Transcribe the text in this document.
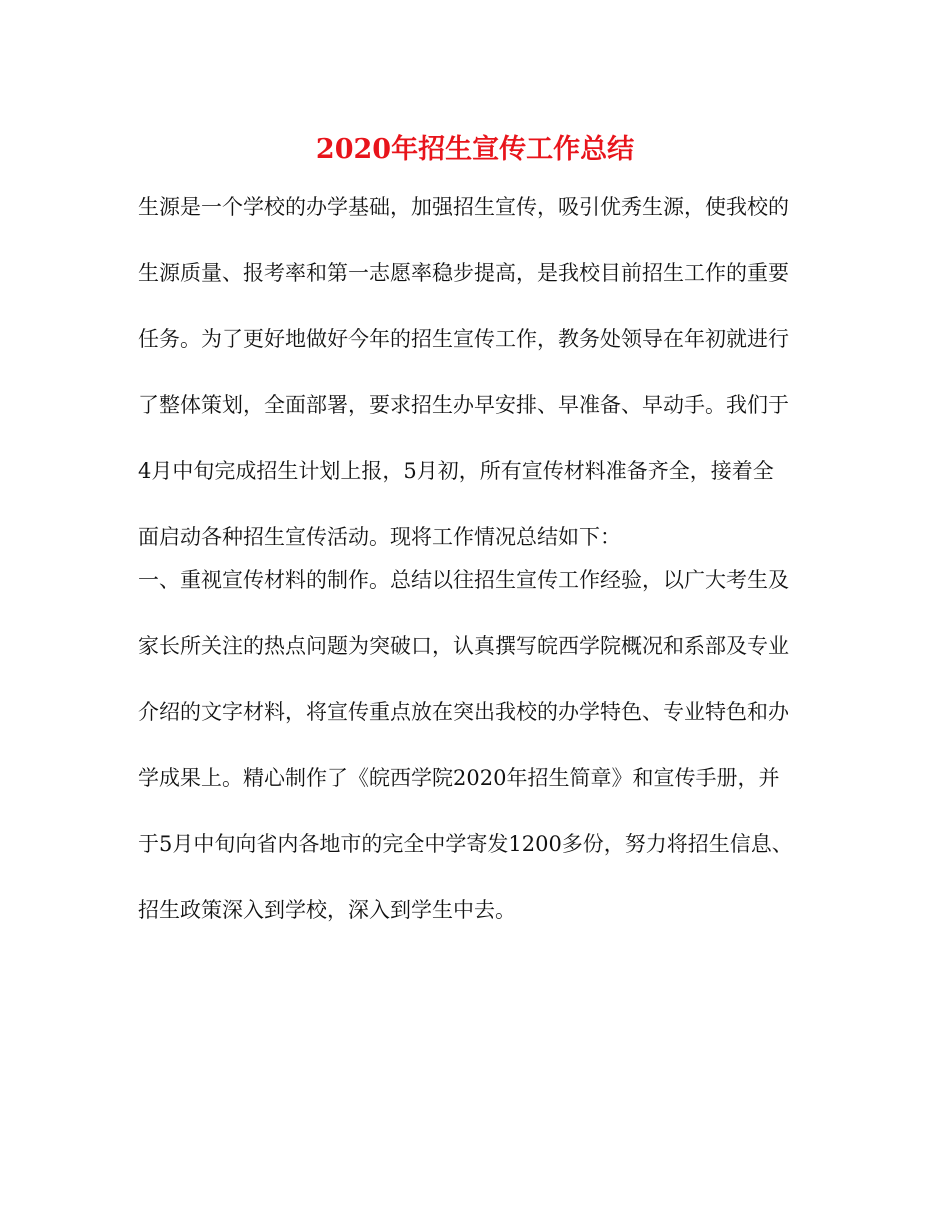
2020年招生宣传工作总结
生源是一个学校的办学基础，加强招生宣传，吸引优秀生源，使我校的
生源质量、报考率和第一志愿率稳步提高，是我校目前招生工作的重要
任务。为了更好地做好今年的招生宣传工作，教务处领导在年初就进行
了整体策划，全面部署，要求招生办早安排、早准备、早动手。我们于
4月中旬完成招生计划上报，5月初，所有宣传材料准备齐全，接着全
面启动各种招生宣传活动。现将工作情况总结如下：
一、重视宣传材料的制作。总结以往招生宣传工作经验，以广大考生及
家长所关注的热点问题为突破口，认真撰写皖西学院概况和系部及专业
介绍的文字材料，将宣传重点放在突出我校的办学特色、专业特色和办
学成果上。精心制作了《皖西学院2020年招生简章》和宣传手册，并
于5月中旬向省内各地市的完全中学寄发1200多份，努力将招生信息、
招生政策深入到学校，深入到学生中去。
